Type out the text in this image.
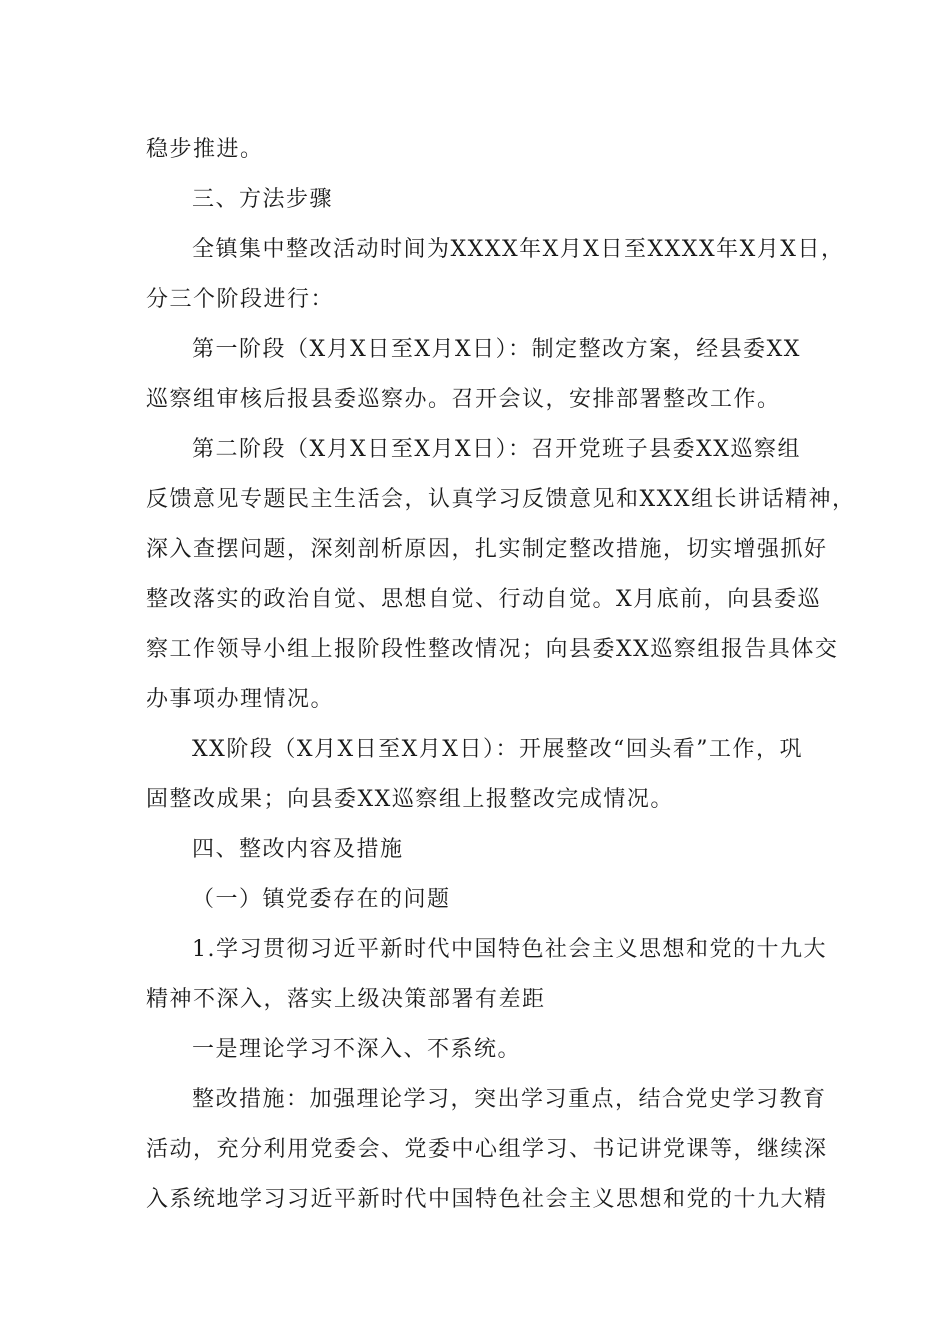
稳步推进。
三、方法步骤
全镇集中整改活动时间为XXXX年X月X日至XXXX年X月X日，
分三个阶段进行：
第一阶段（X月X日至X月X日）：制定整改方案，经县委XX
巡察组审核后报县委巡察办。召开会议，安排部署整改工作。
第二阶段（X月X日至X月X日）：召开党班子县委XX巡察组
反馈意见专题民主生活会，认真学习反馈意见和XXX组长讲话精神，
深入查摆问题，深刻剖析原因，扎实制定整改措施，切实增强抓好
整改落实的政治自觉、思想自觉、行动自觉。X月底前，向县委巡
察工作领导小组上报阶段性整改情况；向县委XX巡察组报告具体交
办事项办理情况。
XX阶段（X月X日至X月X日）：开展整改“回头看”工作，巩
固整改成果；向县委XX巡察组上报整改完成情况。
四、整改内容及措施
（一）镇党委存在的问题
1.学习贯彻习近平新时代中国特色社会主义思想和党的十九大
精神不深入，落实上级决策部署有差距
一是理论学习不深入、不系统。
整改措施：加强理论学习，突出学习重点，结合党史学习教育
活动，充分利用党委会、党委中心组学习、书记讲党课等，继续深
入系统地学习习近平新时代中国特色社会主义思想和党的十九大精
